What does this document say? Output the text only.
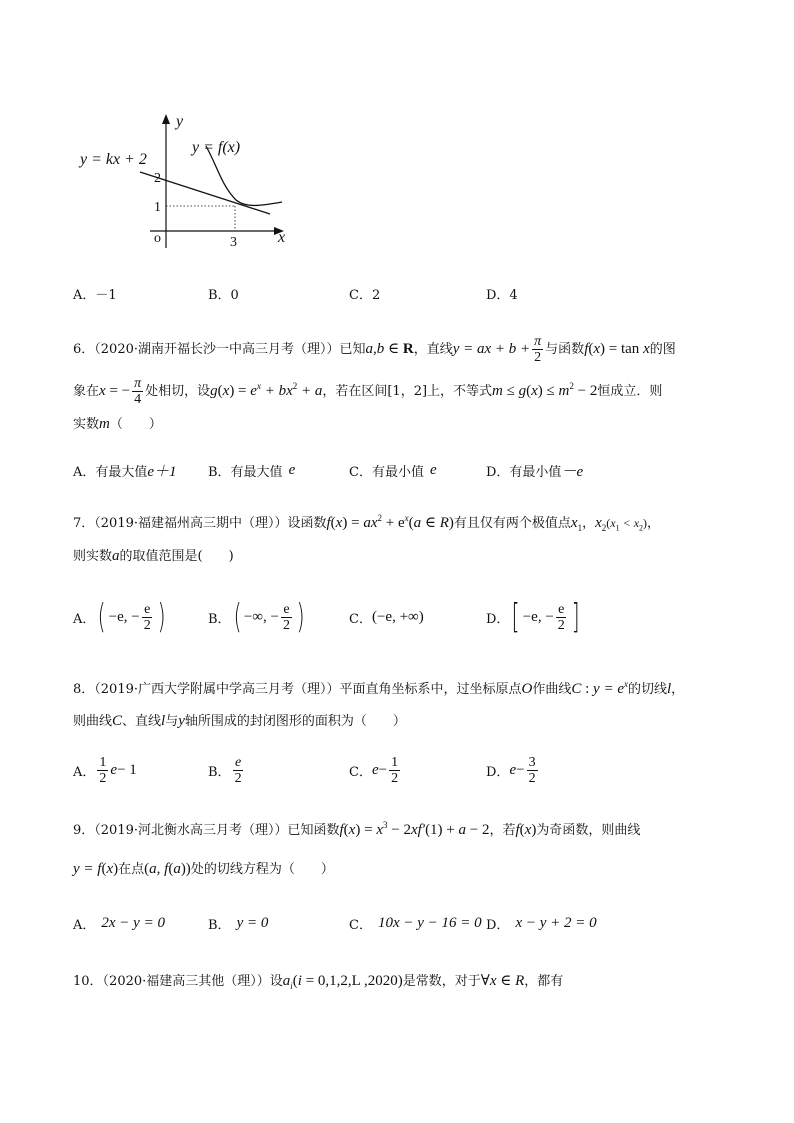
y
x
y = kx + 2
y = f(x)
2
1
3
o
A．－1	B．0	C．2	D．4
6．（2020·湖南开福长沙一中高三月考（理））已知a,b ∈ R，直线y = ax + $b + \frac{\pi}{2}$ 与函数f(x) = tan x的图
象在x = − $\frac{\pi}{4}$ 处相切，设$g(x) = e^x + bx^2 + a$，若在区间[1，2]上，不等式$m \le g(x) \le m^2 - 2$恒成立．则
实数m（　　）
A．有最大值 e＋1 B．有最大值 e	C．有最小值 e	D．有最小值 －e
7．（2019·福建福州高三期中（理））设函数$f(x) = ax^2 + e^x(a$ ∈ R)有且仅有两个极值点$x_1$，$x_2(x_1 < x_2)$，
则实数a的取值范围是(　　)
A． ( −e, − $\frac{e}{2}$ )	B． ( −∞, − $\frac{e}{2}$ )	C． (−e, +∞)	D． [ −e, − $\frac{e}{2}$ ]
8．（2019·广西大学附属中学高三月考（理））平面直角坐标系中，过坐标原点O作曲线C : $y = e^x$的切线l，
则曲线C、直线l与y轴所围成的封闭图形的面积为（　　）
A． $\frac{1}{2}$ e − 1	B． $\frac{e}{2}$	C． $e - \frac{1}{2}$	D． $e - \frac{3}{2}$
9．（2019·河北衡水高三月考（理））已知函数$f(x) = x^3 - 2xf'(1) + a - 2$，若f(x)为奇函数，则曲线
y = f(x)在点(a, f(a))处的切线方程为（　　）
A． 2x − y = 0	B． y = 0	C． 10x − y − 16 = 0 D． x − y + 2 = 0
10．（2020·福建高三其他（理））设$a_i(i = 0,1,2,L$ ,2020)是常数，对于∀x ∈ R，都有
